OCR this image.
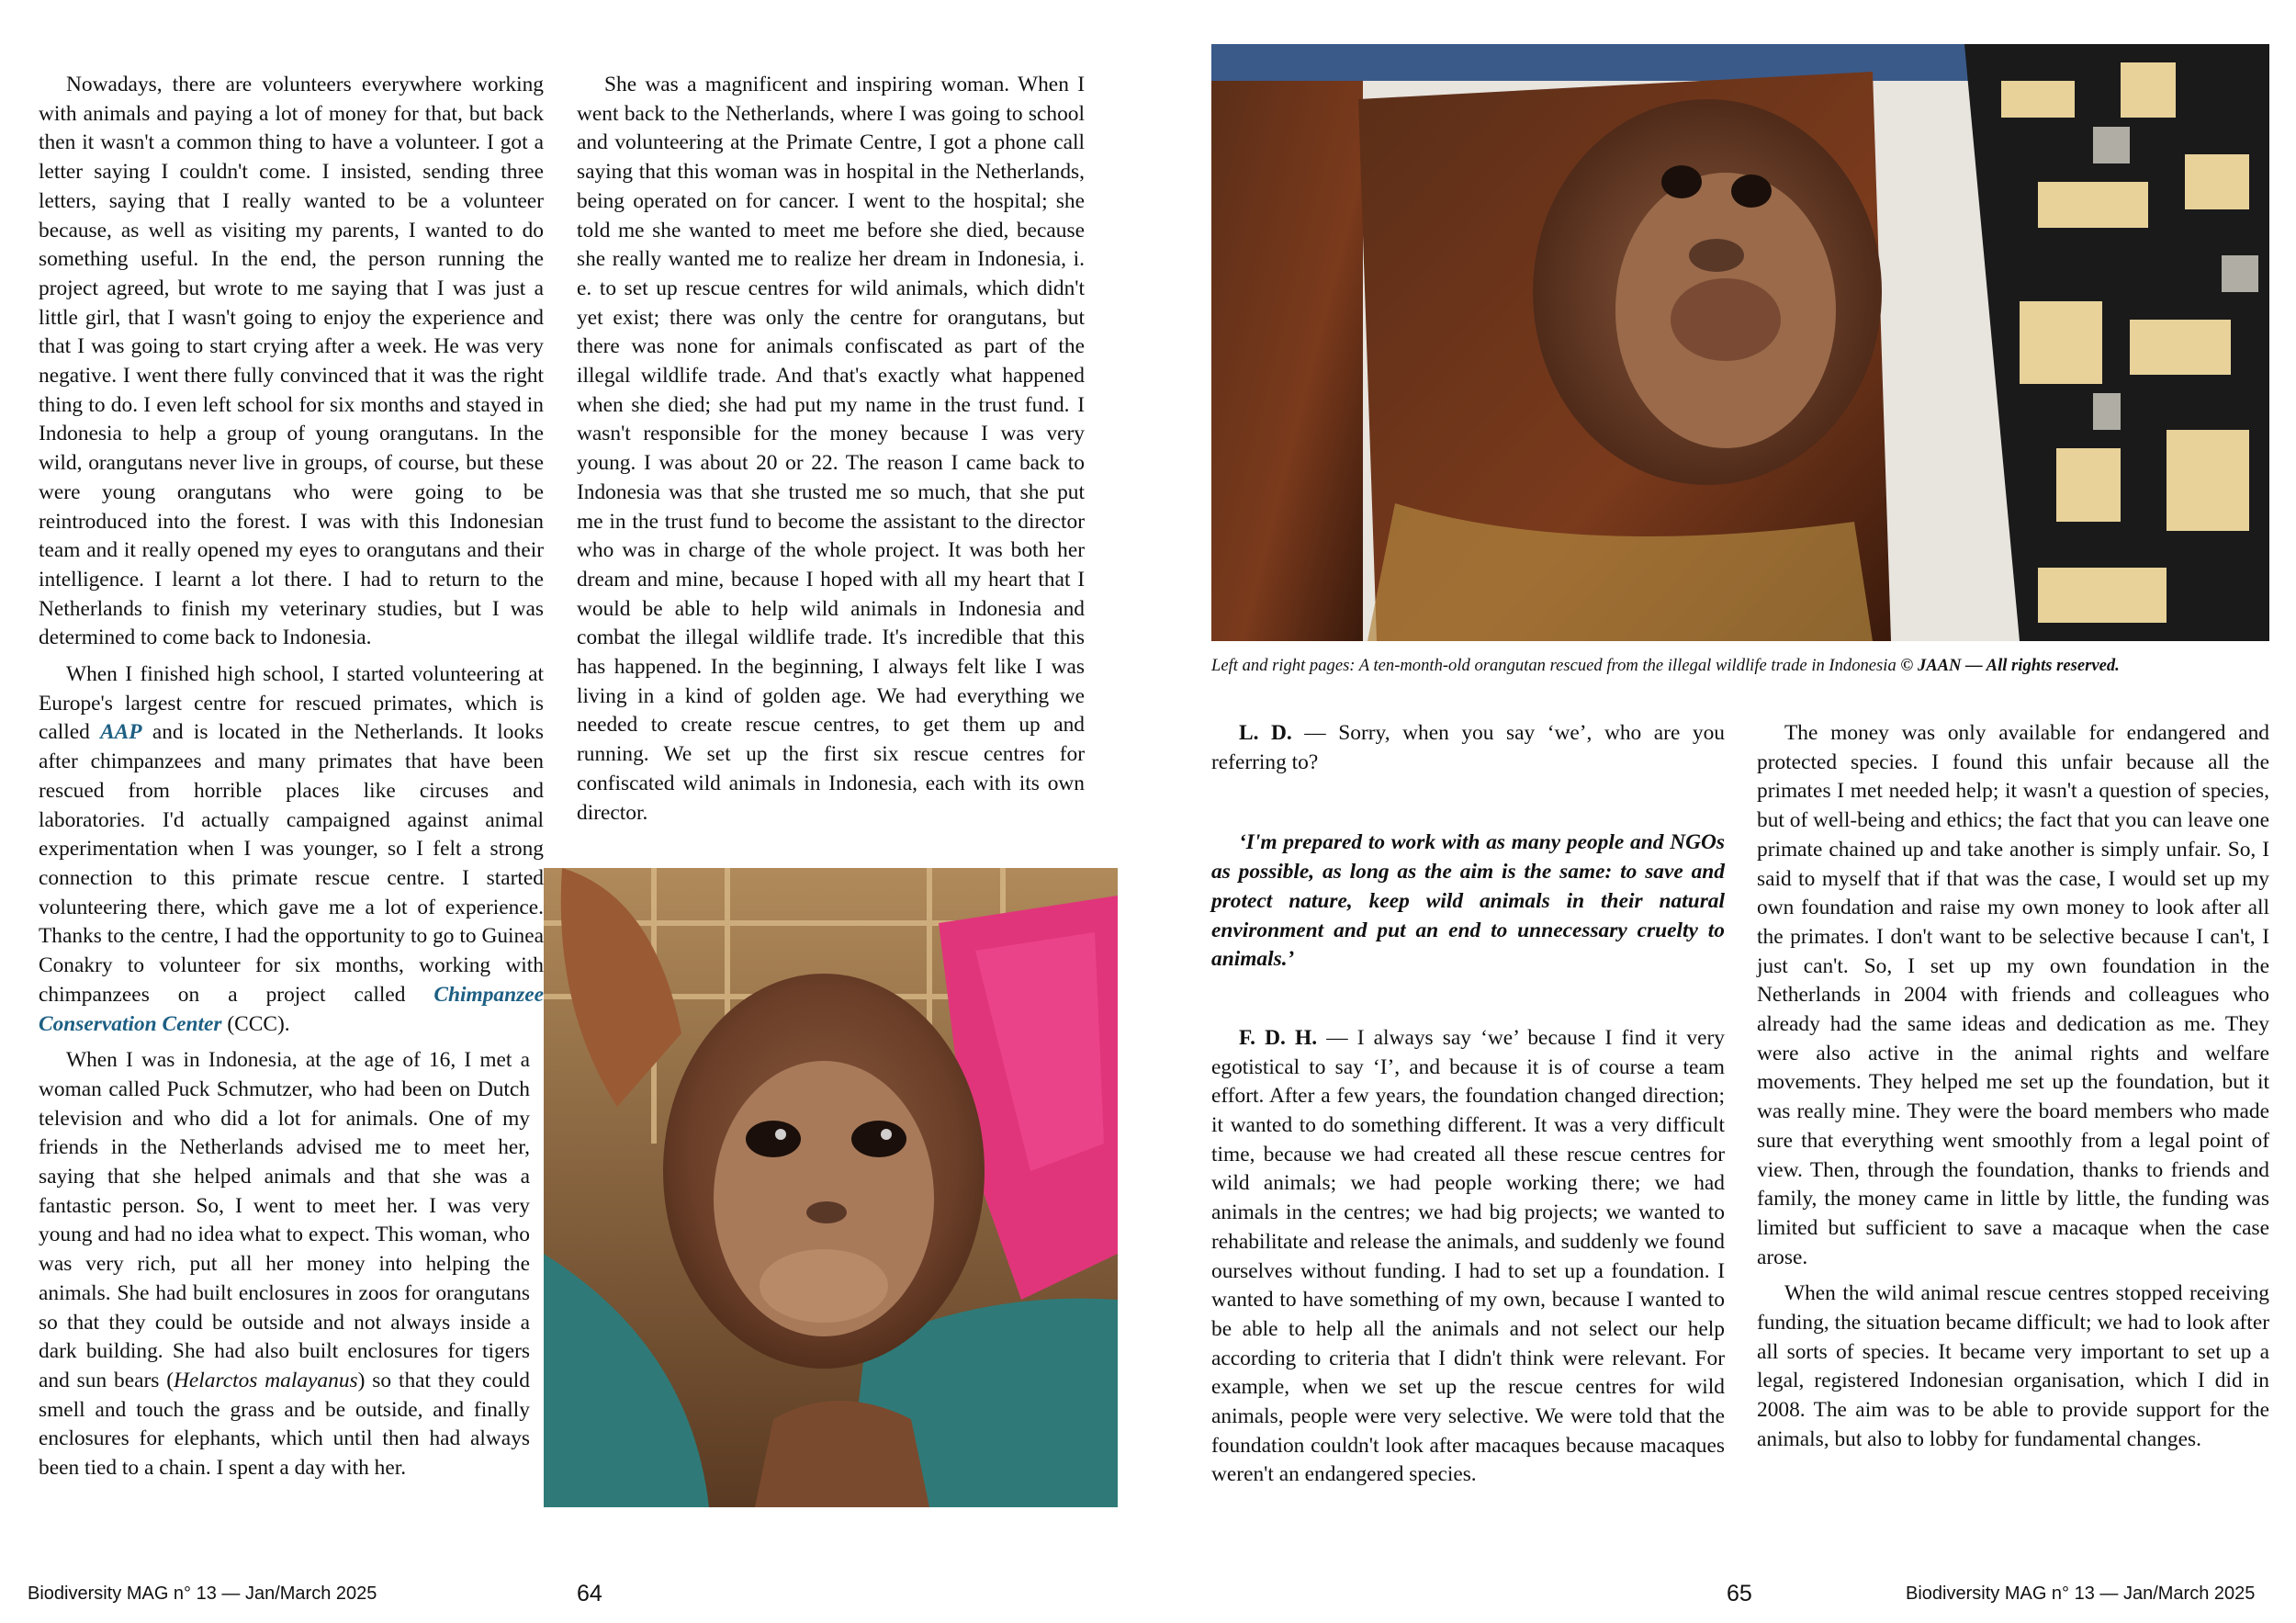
Nowadays, there are volunteers everywhere working with animals and paying a lot of money for that, but back then it wasn't a common thing to have a volunteer. I got a letter saying I couldn't come. I insisted, sending three letters, saying that I really wanted to be a volunteer because, as well as visiting my parents, I wanted to do something useful. In the end, the person running the project agreed, but wrote to me saying that I was just a little girl, that I wasn't going to enjoy the experience and that I was going to start crying after a week. He was very negative. I went there fully convinced that it was the right thing to do. I even left school for six months and stayed in Indonesia to help a group of young orangutans. In the wild, orangutans never live in groups, of course, but these were young orangutans who were going to be reintroduced into the forest. I was with this Indonesian team and it really opened my eyes to orangutans and their intelligence. I learnt a lot there. I had to return to the Netherlands to finish my veterinary studies, but I was determined to come back to Indonesia.

When I finished high school, I started volunteering at Europe's largest centre for rescued primates, which is called AAP and is located in the Netherlands. It looks after chimpanzees and many primates that have been rescued from horrible places like circuses and laboratories. I'd actually campaigned against animal experimentation when I was younger, so I felt a strong connection to this primate rescue centre. I started volunteering there, which gave me a lot of experience. Thanks to the centre, I had the opportunity to go to Guinea Conakry to volunteer for six months, working with chimpanzees on a project called Chimpanzee Conservation Center (CCC).

When I was in Indonesia, at the age of 16, I met a woman called Puck Schmutzer, who had been on Dutch television and who did a lot for animals. One of my friends in the Netherlands advised me to meet her, saying that she helped animals and that she was a fantastic person. So, I went to meet her. I was very young and had no idea what to expect. This woman, who was very rich, put all her money into helping the animals. She had built enclosures in zoos for orangutans so that they could be outside and not always inside a dark building. She had also built enclosures for tigers and sun bears (Helarctos malayanus) so that they could smell and touch the grass and be outside, and finally enclosures for elephants, which until then had always been tied to a chain. I spent a day with her.

She was a magnificent and inspiring woman. When I went back to the Netherlands, where I was going to school and volunteering at the Primate Centre, I got a phone call saying that this woman was in hospital in the Netherlands, being operated on for cancer. I went to the hospital; she told me she wanted to meet me before she died, because she really wanted me to realize her dream in Indonesia, i. e. to set up rescue centres for wild animals, which didn't yet exist; there was only the centre for orangutans, but there was none for animals confiscated as part of the illegal wildlife trade. And that's exactly what happened when she died; she had put my name in the trust fund. I wasn't responsible for the money because I was very young. I was about 20 or 22. The reason I came back to Indonesia was that she trusted me so much, that she put me in the trust fund to become the assistant to the director who was in charge of the whole project. It was both her dream and mine, because I hoped with all my heart that I would be able to help wild animals in Indonesia and combat the illegal wildlife trade. It's incredible that this has happened. In the beginning, I always felt like I was living in a kind of golden age. We had everything we needed to create rescue centres, to get them up and running. We set up the first six rescue centres for confiscated wild animals in Indonesia, each with its own director.

Left and right pages: A ten-month-old orangutan rescued from the illegal wildlife trade in Indonesia © JAAN — All rights reserved.

L. D. — Sorry, when you say ‘we’, who are you referring to?

‘I'm prepared to work with as many people and NGOs as possible, as long as the aim is the same: to save and protect nature, keep wild animals in their natural environment and put an end to unnecessary cruelty to animals.’

F. D. H. — I always say ‘we’ because I find it very egotistical to say ‘I’, and because it is of course a team effort. After a few years, the foundation changed direction; it wanted to do something different. It was a very difficult time, because we had created all these rescue centres for wild animals; we had people working there; we had animals in the centres; we had big projects; we wanted to rehabilitate and release the animals, and suddenly we found ourselves without funding. I had to set up a foundation. I wanted to have something of my own, because I wanted to be able to help all the animals and not select our help according to criteria that I didn't think were relevant. For example, when we set up the rescue centres for wild animals, people were very selective. We were told that the foundation couldn't look after macaques because macaques weren't an endangered species.

The money was only available for endangered and protected species. I found this unfair because all the primates I met needed help; it wasn't a question of species, but of well-being and ethics; the fact that you can leave one primate chained up and take another is simply unfair. So, I said to myself that if that was the case, I would set up my own foundation and raise my own money to look after all the primates. I don't want to be selective because I can't, I just can't. So, I set up my own foundation in the Netherlands in 2004 with friends and colleagues who already had the same ideas and dedication as me. They were also active in the animal rights and welfare movements. They helped me set up the foundation, but it was really mine. They were the board members who made sure that everything went smoothly from a legal point of view. Then, through the foundation, thanks to friends and family, the money came in little by little, the funding was limited but sufficient to save a macaque when the case arose.

When the wild animal rescue centres stopped receiving funding, the situation became difficult; we had to look after all sorts of species. It became very important to set up a legal, registered Indonesian organisation, which I did in 2008. The aim was to be able to provide support for the animals, but also to lobby for fundamental changes.

Biodiversity MAG n° 13 — Jan/March 2025	64	65	Biodiversity MAG n° 13 — Jan/March 2025
